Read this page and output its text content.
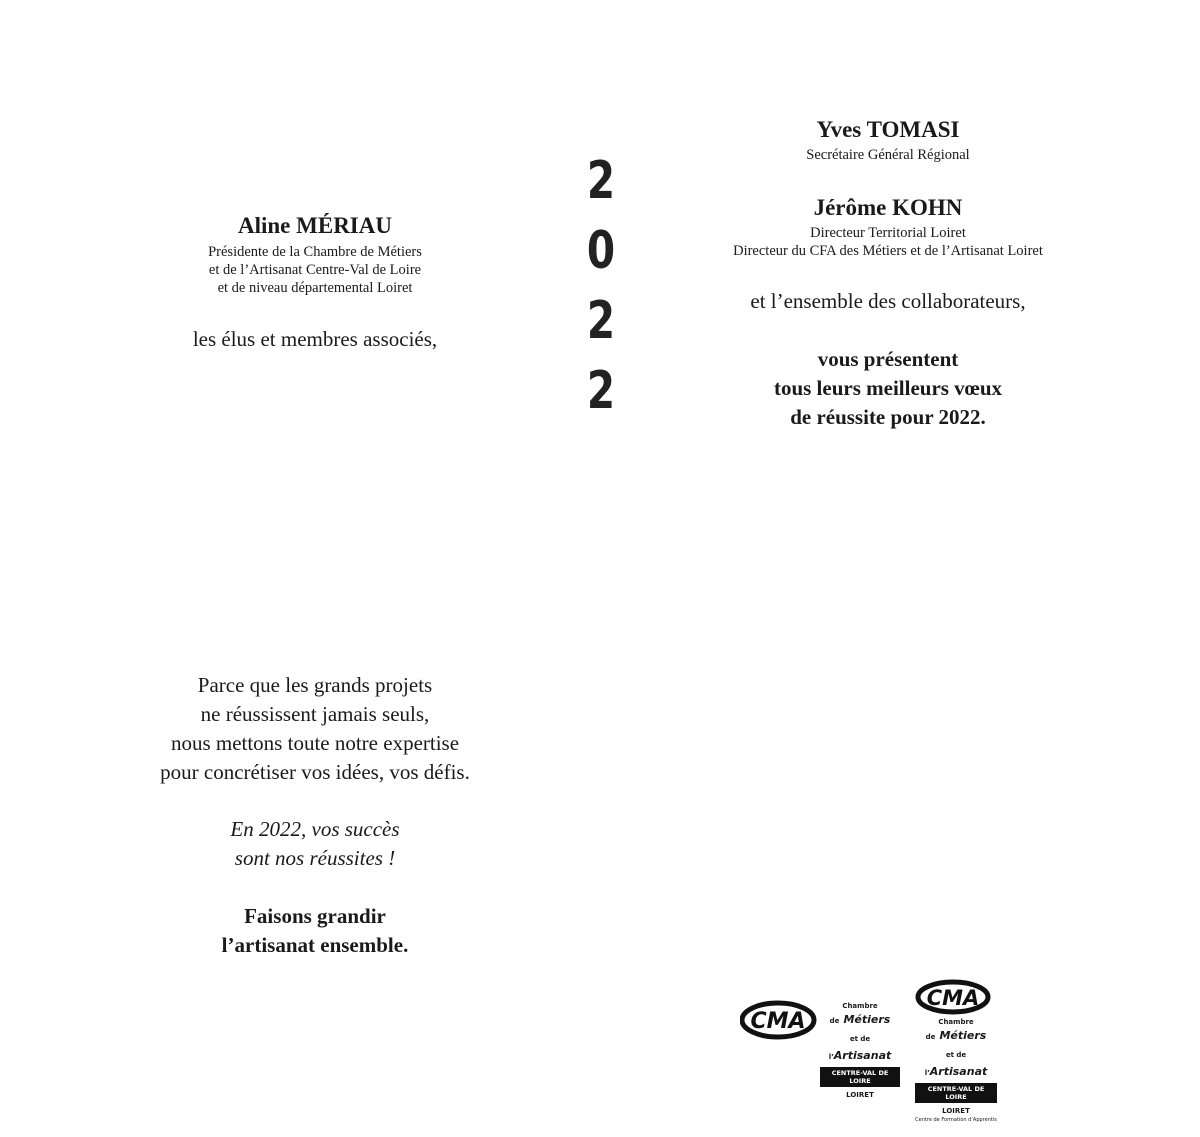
Aline MÉRIAU

Présidente de la Chambre de Métiers

et de l’Artisanat Centre-Val de Loire

et de niveau départemental Loiret

les élus et membres associés,

2
0
2
2

Yves TOMASI

Secrétaire Général Régional

Jérôme KOHN

Directeur Territorial Loiret

Directeur du CFA des Métiers et de l’Artisanat Loiret

et l’ensemble des collaborateurs,

vous présentent

tous leurs meilleurs vœux

de réussite pour 2022.

Parce que les grands projets

ne réussissent jamais seuls,

nous mettons toute notre expertise

pour concrétiser vos idées, vos défis.

En 2022, vos succès

sont nos réussites !

Faisons grandir

l’artisanat ensemble.

CMA
Chambre
de Métiers
et de l’Artisanat
CENTRE-VAL DE LOIRE
LOIRET
CMA
Chambre
de Métiers
et de l’Artisanat
CENTRE-VAL DE LOIRE
LOIRET
Centre de Formation d’Apprentis
